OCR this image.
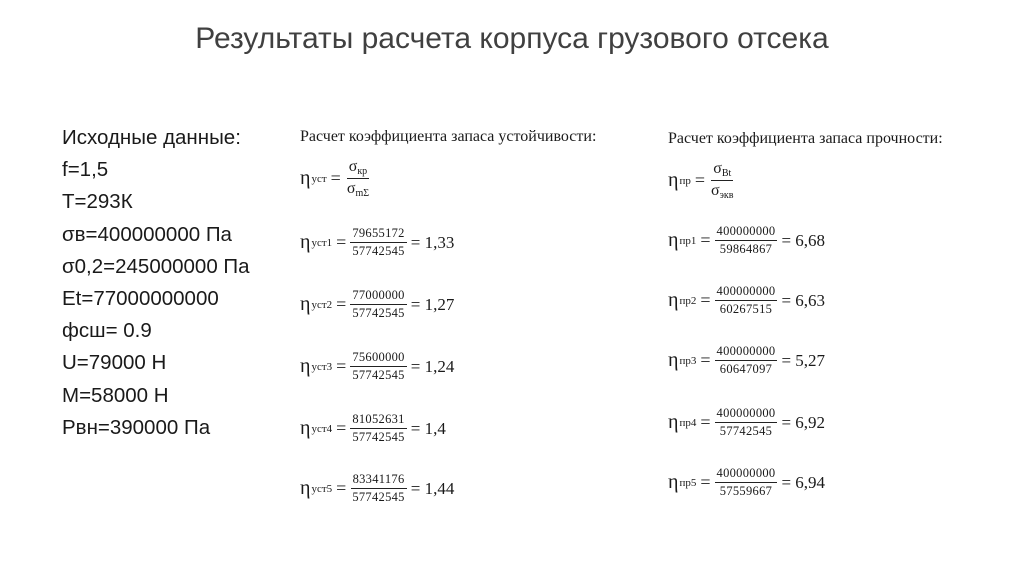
Результаты расчета корпуса грузового отсека
Исходные данные:
f=1,5
T=293К
σв=400000000 Па
σ0,2=245000000 Па
Et=77000000000
фсш= 0.9
U=79000 Н
M=58000 Н
Pвн=390000 Па
Расчет коэффициента запаса устойчивости:
η уст = $\frac{\text{σкр}}{\text{σmΣ}}$
η $уст1 = \frac{79655172}{57742545} = 1,33$
η $уст2 = \frac{77000000}{57742545} = 1,27$
η $уст3 = \frac{75600000}{57742545} = 1,24$
η $уст4 = \frac{81052631}{57742545} = 1,4$
η $уст5 = \frac{83341176}{57742545} = 1,44$
Расчет коэффициента запаса прочности:
η пр = $\frac{\text{σBt}}{\text{σэкв}}$
η $пр1 = \frac{400000000}{59864867} = 6,68$
η $пр2 = \frac{400000000}{60267515} = 6,63$
η $пр3 = \frac{400000000}{60647097} = 5,27$
η $пр4 = \frac{400000000}{57742545} = 6,92$
η $пр5 = \frac{400000000}{57559667} = 6,94$
